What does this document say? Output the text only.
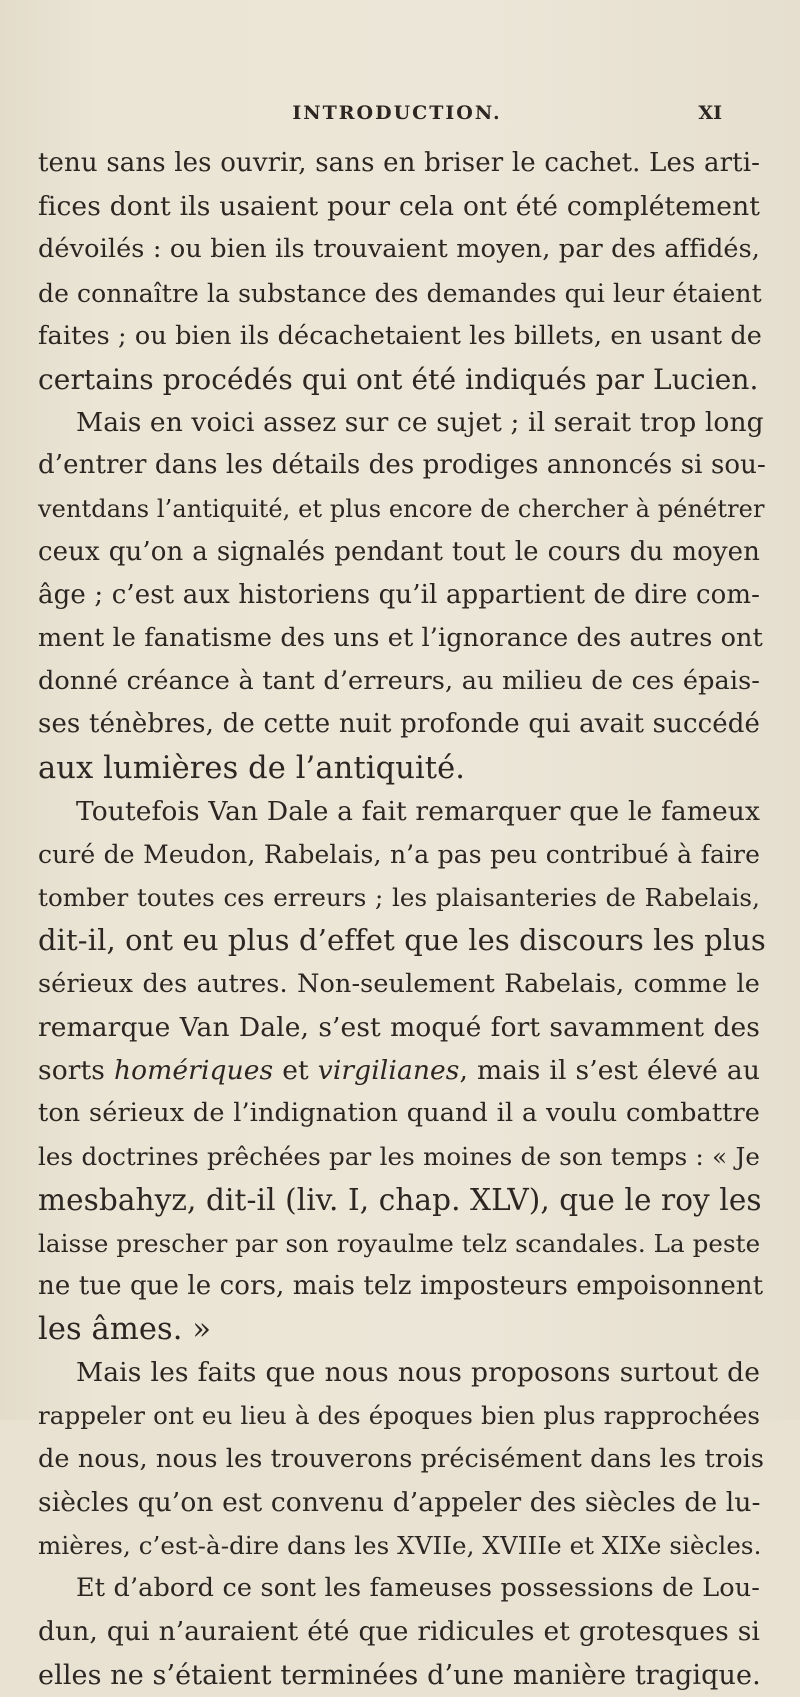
INTRODUCTION.	XI
tenu sans les ouvrir, sans en briser le cachet. Les arti-
fices dont ils usaient pour cela ont été complétement
dévoilés : ou bien ils trouvaient moyen, par des affidés,
de connaître la substance des demandes qui leur étaient
faites ; ou bien ils décachetaient les billets, en usant de
certains procédés qui ont été indiqués par Lucien.
Mais en voici assez sur ce sujet ; il serait trop long
d’entrer dans les détails des prodiges annoncés si sou-
ventdans l’antiquité, et plus encore de chercher à pénétrer
ceux qu’on a signalés pendant tout le cours du moyen
âge ; c’est aux historiens qu’il appartient de dire com-
ment le fanatisme des uns et l’ignorance des autres ont
donné créance à tant d’erreurs, au milieu de ces épais-
ses ténèbres, de cette nuit profonde qui avait succédé
aux lumières de l’antiquité.
Toutefois Van Dale a fait remarquer que le fameux
curé de Meudon, Rabelais, n’a pas peu contribué à faire
tomber toutes ces erreurs ; les plaisanteries de Rabelais,
dit-il, ont eu plus d’effet que les discours les plus
sérieux des autres. Non-seulement Rabelais, comme le
remarque Van Dale, s’est moqué fort savamment des
sorts homériques et virgilianes, mais il s’est élevé au
ton sérieux de l’indignation quand il a voulu combattre
les doctrines prêchées par les moines de son temps : « Je
mesbahyz, dit-il (liv. I, chap. XLV), que le roy les
laisse prescher par son royaulme telz scandales. La peste
ne tue que le cors, mais telz imposteurs empoisonnent
les âmes. »
Mais les faits que nous nous proposons surtout de
rappeler ont eu lieu à des époques bien plus rapprochées
de nous, nous les trouverons précisément dans les trois
siècles qu’on est convenu d’appeler des siècles de lu-
mières, c’est-à-dire dans les XVIIe, XVIIIe et XIXe siècles.
Et d’abord ce sont les fameuses possessions de Lou-
dun, qui n’auraient été que ridicules et grotesques si
elles ne s’étaient terminées d’une manière tragique.
